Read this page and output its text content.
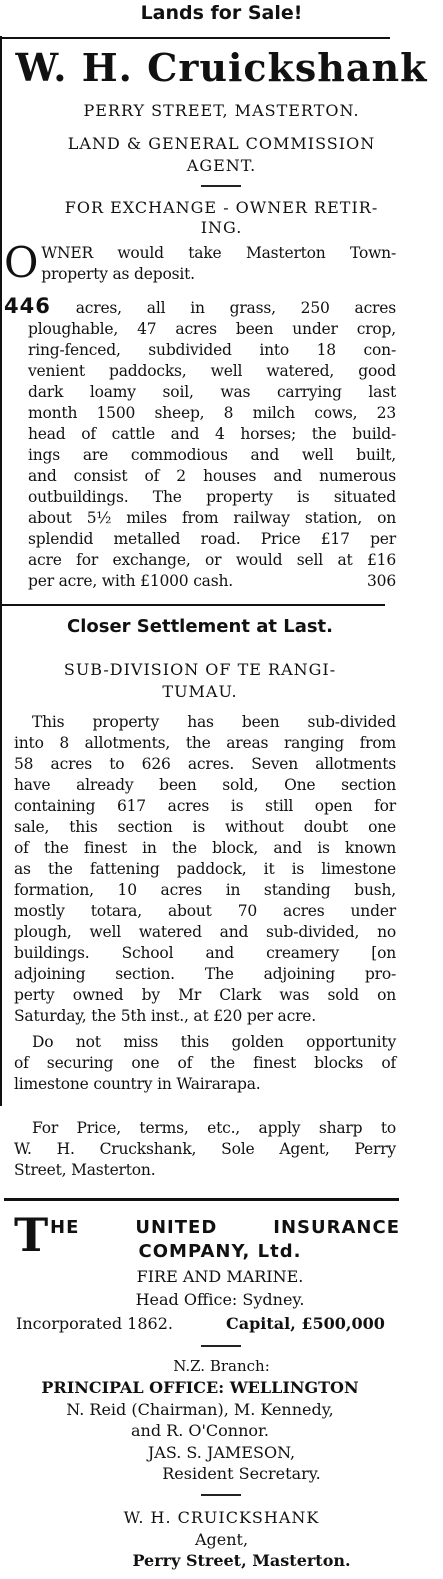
Lands for Sale!
W. H. Cruickshank
PERRY STREET, MASTERTON.
LAND & GENERAL COMMISSION
AGENT.
FOR EXCHANGE - OWNER RETIR-
ING.
O WNER would take Masterton Town-
property as deposit.
446 acres, all in grass, 250 acres
ploughable, 47 acres been under crop,
ring-fenced, subdivided into 18 con-
venient paddocks, well watered, good
dark loamy soil, was carrying last
month 1500 sheep, 8 milch cows, 23
head of cattle and 4 horses; the build-
ings are commodious and well built,
and consist of 2 houses and numerous
outbuildings. The property is situated
about 5½ miles from railway station, on
splendid metalled road. Price £17 per
acre for exchange, or would sell at £16
per acre, with £1000 cash.	306
Closer Settlement at Last.
SUB-DIVISION OF TE RANGI-
TUMAU.
This property has been sub-divided
into 8 allotments, the areas ranging from
58 acres to 626 acres. Seven allotments
have already been sold, One section
containing 617 acres is still open for
sale, this section is without doubt one
of the finest in the block, and is known
as the fattening paddock, it is limestone
formation, 10 acres in standing bush,
mostly totara, about 70 acres under
plough, well watered and sub-divided, no
buildings. School and creamery [on
adjoining section. The adjoining pro-
perty owned by Mr Clark was sold on
Saturday, the 5th inst., at £20 per acre.
Do not miss this golden opportunity
of securing one of the finest blocks of
limestone country in Wairarapa.
For Price, terms, etc., apply sharp to
W. H. Cruckshank, Sole Agent, Perry
Street, Masterton.
T HE UNITED INSURANCE
COMPANY, Ltd.
FIRE AND MARINE.
Head Office: Sydney.
Incorporated 1862.	Capital, £500,000
N.Z. Branch:
PRINCIPAL OFFICE: WELLINGTON
N. Reid (Chairman), M. Kennedy,
and R. O'Connor.
JAS. S. JAMESON,
Resident Secretary.
W. H. CRUICKSHANK
Agent,
Perry Street, Masterton.
